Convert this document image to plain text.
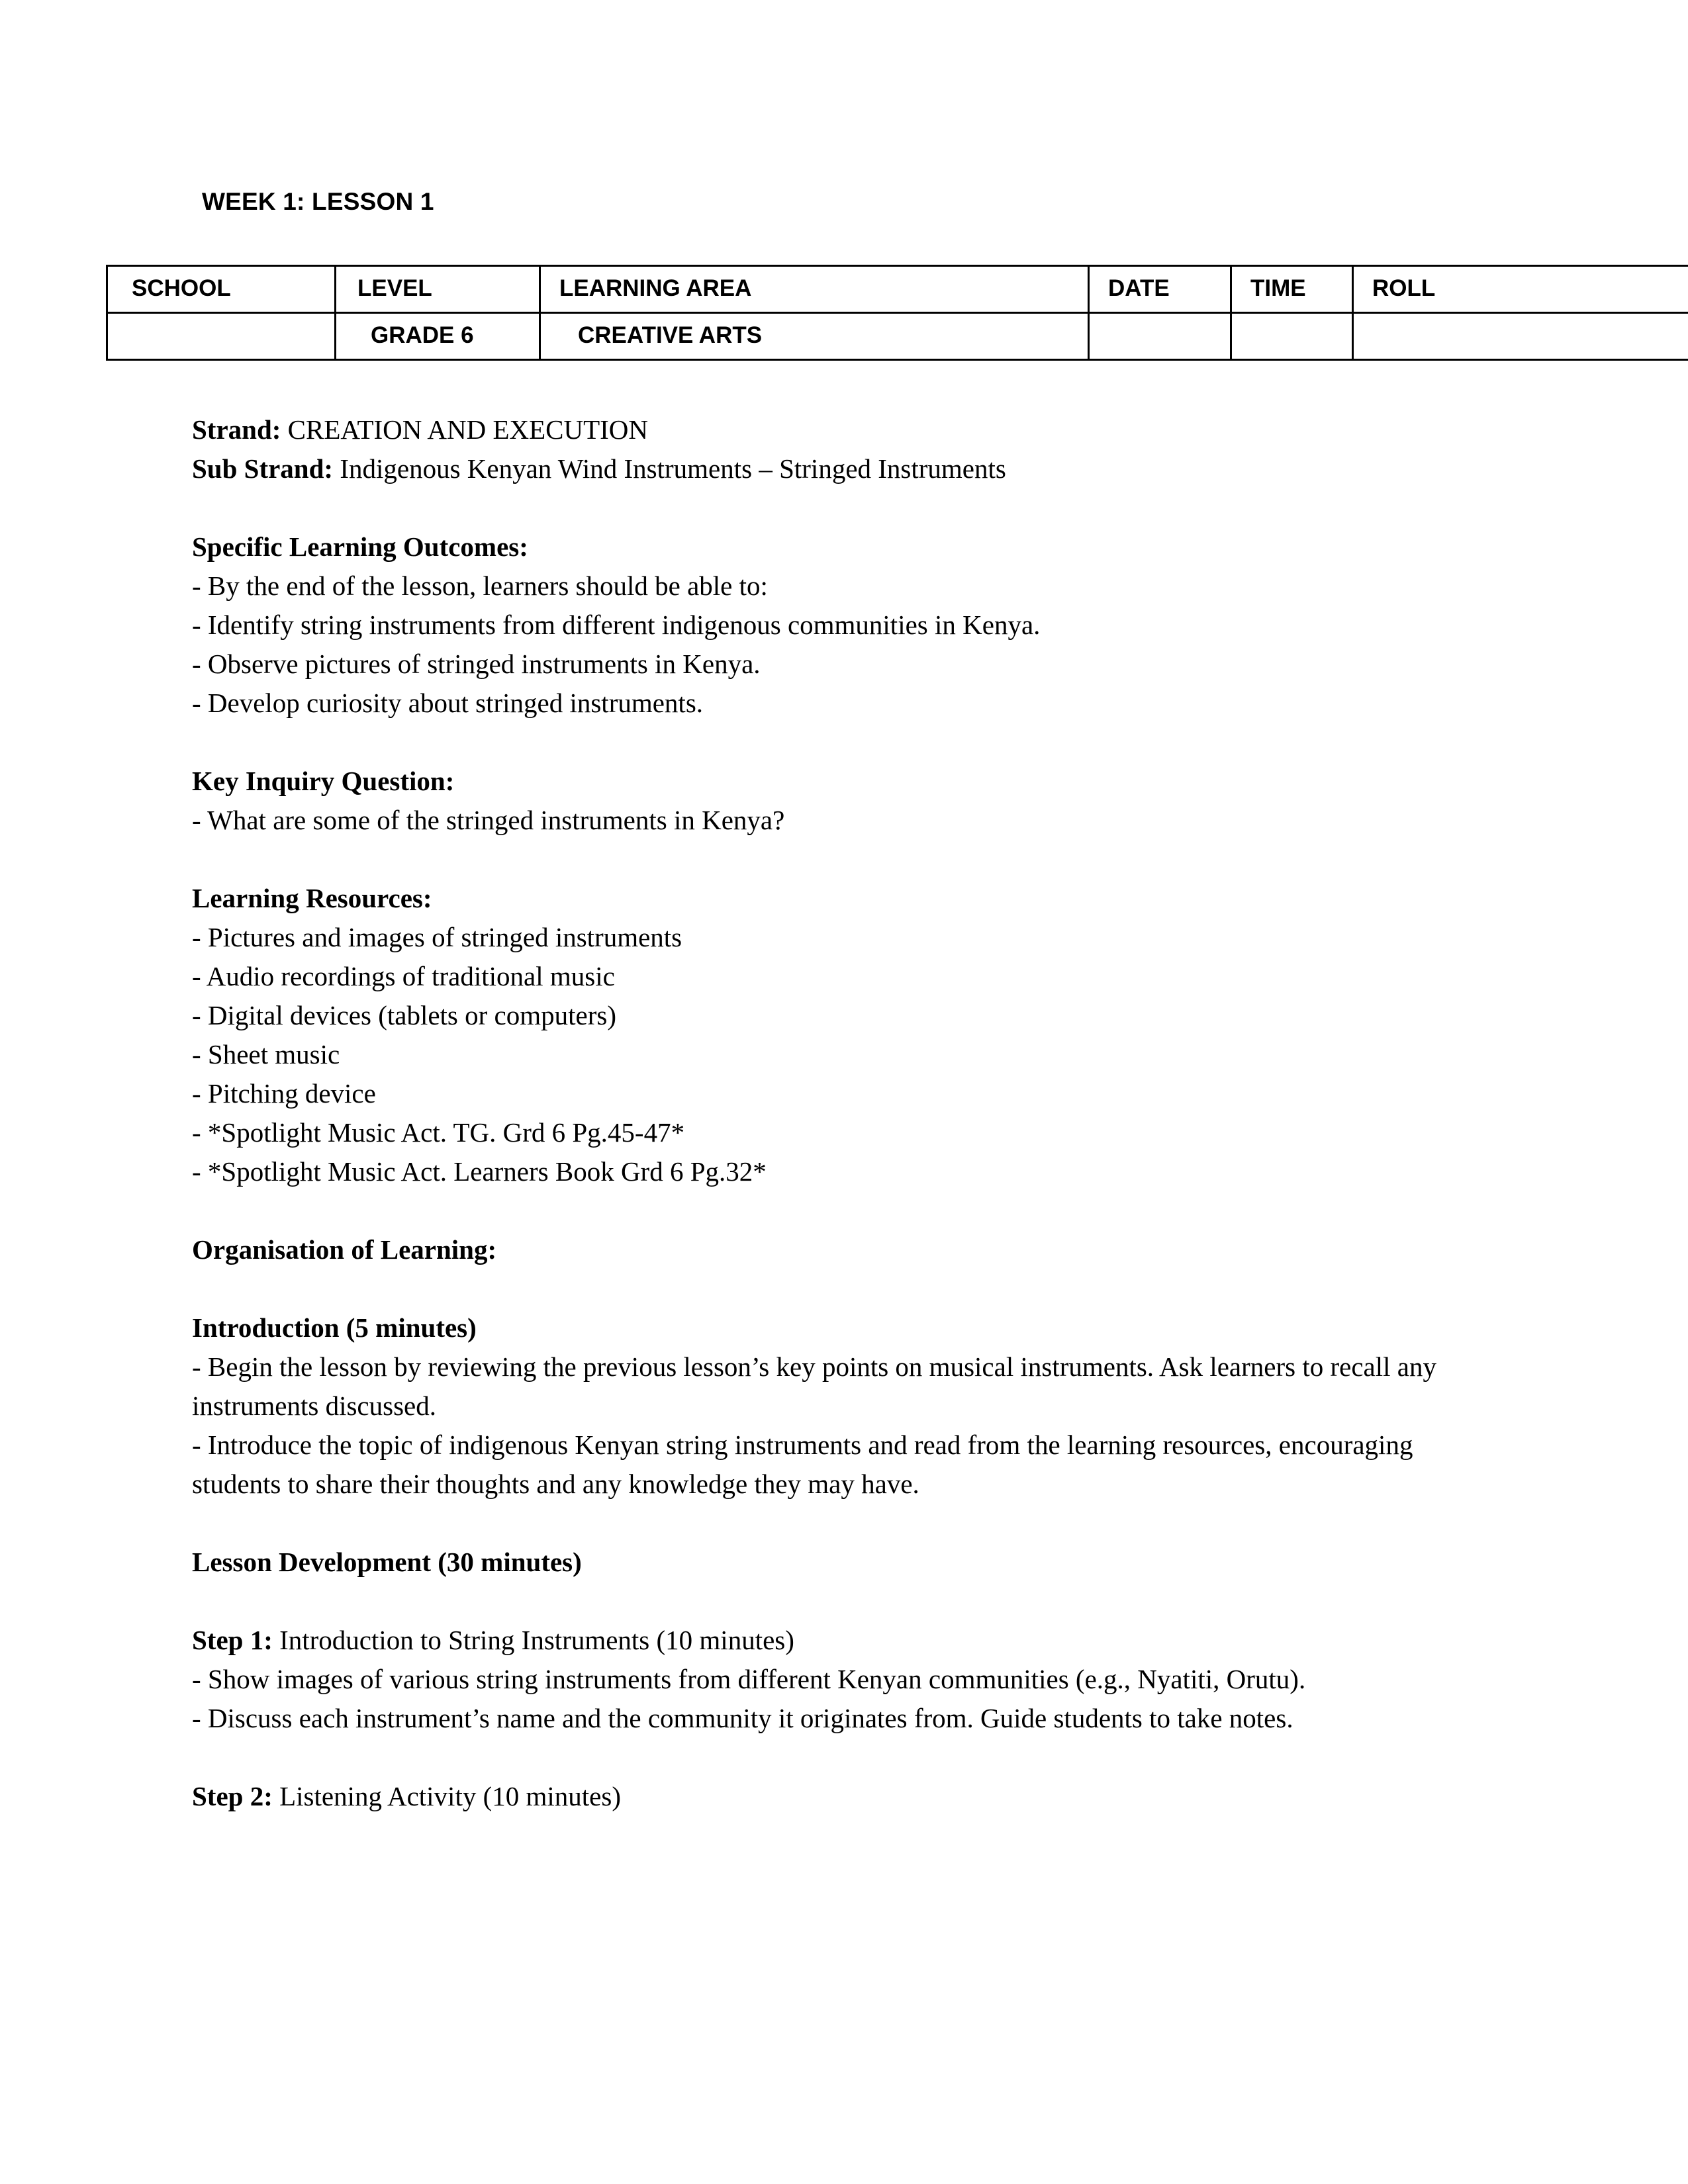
WEEK 1: LESSON 1
SCHOOL	LEVEL	LEARNING AREA	DATE	TIME	ROLL
	GRADE 6	CREATIVE ARTS			

Strand: CREATION AND EXECUTION

Sub Strand: Indigenous Kenyan Wind Instruments – Stringed Instruments

Specific Learning Outcomes:

- By the end of the lesson, learners should be able to:

- Identify string instruments from different indigenous communities in Kenya.

- Observe pictures of stringed instruments in Kenya.

- Develop curiosity about stringed instruments.

Key Inquiry Question:

- What are some of the stringed instruments in Kenya?

Learning Resources:

- Pictures and images of stringed instruments

- Audio recordings of traditional music

- Digital devices (tablets or computers)

- Sheet music

- Pitching device

- *Spotlight Music Act. TG. Grd 6 Pg.45-47*

- *Spotlight Music Act. Learners Book Grd 6 Pg.32*

Organisation of Learning:

Introduction (5 minutes)

- Begin the lesson by reviewing the previous lesson’s key points on musical instruments. Ask learners to recall any instruments discussed.

- Introduce the topic of indigenous Kenyan string instruments and read from the learning resources, encouraging students to share their thoughts and any knowledge they may have.

Lesson Development (30 minutes)

Step 1: Introduction to String Instruments (10 minutes)

- Show images of various string instruments from different Kenyan communities (e.g., Nyatiti, Orutu).

- Discuss each instrument’s name and the community it originates from. Guide students to take notes.

Step 2: Listening Activity (10 minutes)
